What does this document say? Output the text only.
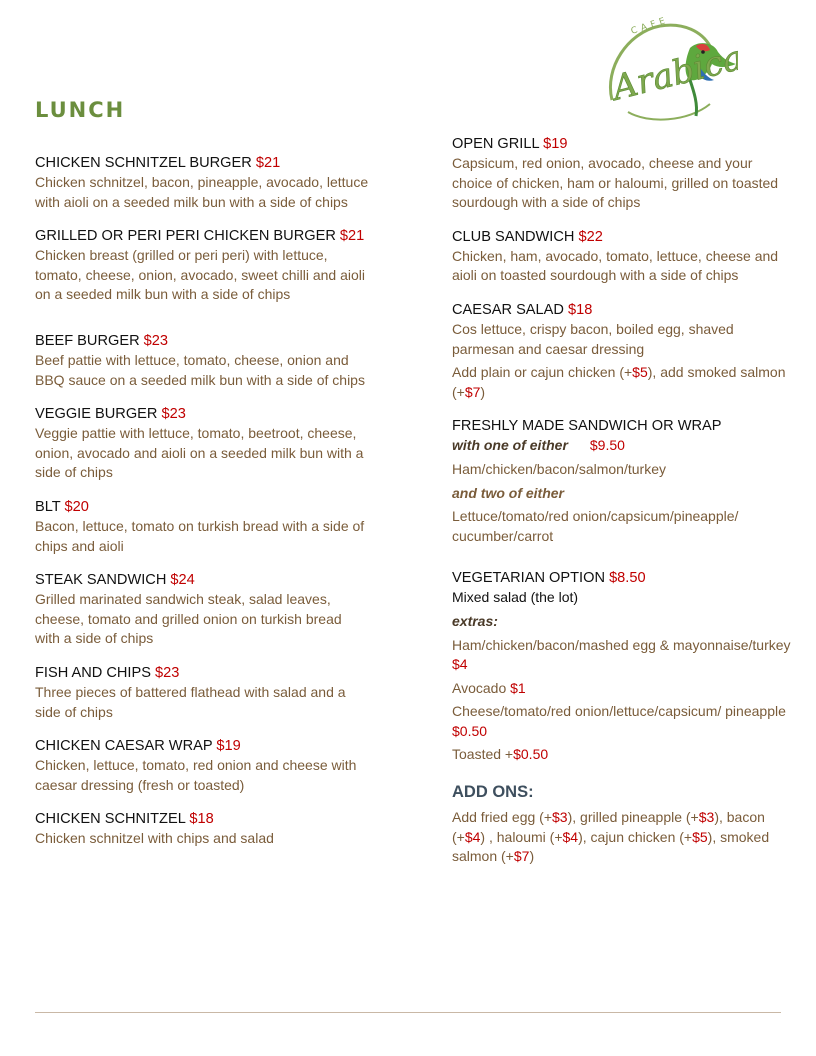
CAFE
Arabica
LUNCH
CHICKEN SCHNITZEL BURGER $21
Chicken schnitzel, bacon, pineapple, avocado, lettuce with aioli on a seeded milk bun with a side of chips
GRILLED OR PERI PERI CHICKEN BURGER $21
Chicken breast (grilled or peri peri) with lettuce, tomato, cheese, onion, avocado, sweet chilli and aioli on a seeded milk bun with a side of chips
BEEF BURGER $23
Beef pattie with lettuce, tomato, cheese, onion and BBQ sauce on a seeded milk bun with a side of chips
VEGGIE BURGER $23
Veggie pattie with lettuce, tomato, beetroot, cheese, onion, avocado and aioli on a seeded milk bun with a side of chips
BLT $20
Bacon, lettuce, tomato on turkish bread with a side of chips and aioli
STEAK SANDWICH $24
Grilled marinated sandwich steak, salad leaves, cheese, tomato and grilled onion on turkish bread with a side of chips
FISH AND CHIPS $23
Three pieces of battered flathead with salad and a side of chips
CHICKEN CAESAR WRAP $19
Chicken, lettuce, tomato, red onion and cheese with caesar dressing (fresh or toasted)
CHICKEN SCHNITZEL $18
Chicken schnitzel with chips and salad
OPEN GRILL $19
Capsicum, red onion, avocado, cheese and your choice of chicken, ham or haloumi, grilled on toasted sourdough with a side of chips
CLUB SANDWICH $22
Chicken, ham, avocado, tomato, lettuce, cheese and aioli on toasted sourdough with a side of chips
CAESAR SALAD $18
Cos lettuce, crispy bacon, boiled egg, shaved parmesan and caesar dressing
Add plain or cajun chicken (+$5), add smoked salmon (+$7)
FRESHLY MADE SANDWICH OR WRAP
with one of either $9.50
Ham/chicken/bacon/salmon/turkey
and two of either
Lettuce/tomato/red onion/capsicum/pineapple/ cucumber/carrot
VEGETARIAN OPTION $8.50
Mixed salad (the lot)
extras:
Ham/chicken/bacon/mashed egg & mayonnaise/turkey $4
Avocado $1
Cheese/tomato/red onion/lettuce/capsicum/ pineapple $0.50
Toasted +$0.50
ADD ONS:
Add fried egg (+$3), grilled pineapple (+$3), bacon (+$4) , haloumi (+$4), cajun chicken (+$5), smoked salmon (+$7)
